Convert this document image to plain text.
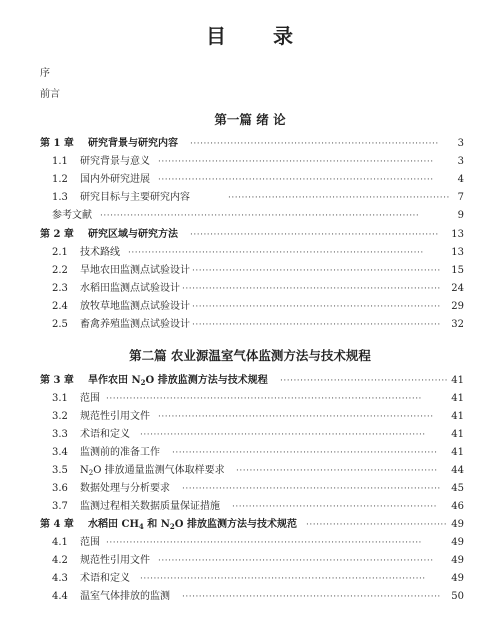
目 录
序
前言
第一篇 绪 论
第 1 章 研究背景与研究内容 ··········································································	3
1.1 研究背景与意义 ··················································································	3
1.2 国内外研究进展 ··················································································	4
1.3 研究目标与主要研究内容	·································································· 7
参考文献 ·······························································································	9
第 2 章 研究区域与研究方法 ··········································································	13
2.1 技术路线 ························································································	13
2.2 旱地农田监测点试验设计 ··········································································	15
2.3 水稻田监测点试验设计 ·············································································	24
2.4 放牧草地监测点试验设计 ··········································································	29
2.5 畜禽养殖监测点试验设计 ··········································································	32
第二篇 农业源温室气体监测方法与技术规程
第 3 章 旱作农田 $N_2O$ 排放监测方法与技术规程 ·················································· 41
3.1 范围 ······························································································	41
3.2 规范性引用文件 ··················································································	41
3.3 术语和定义 ·····················································································	41
3.4 监测前的准备工作 ···············································································	41
3.5 $N_2O$ 排放通量监测气体取样要求 ····························································	44
3.6 数据处理与分析要求 ·············································································	45
3.7 监测过程相关数据质量保证措施 ·····························································	46
第 4 章 水稻田 $CH_4$ 和 $N_2O$ 排放监测方法与技术规范 ·········································· 49
4.1 范围 ······························································································	49
4.2 规范性引用文件 ··················································································	49
4.3 术语和定义 ·····················································································	49
4.4 温室气体排放的监测 ·············································································	50
